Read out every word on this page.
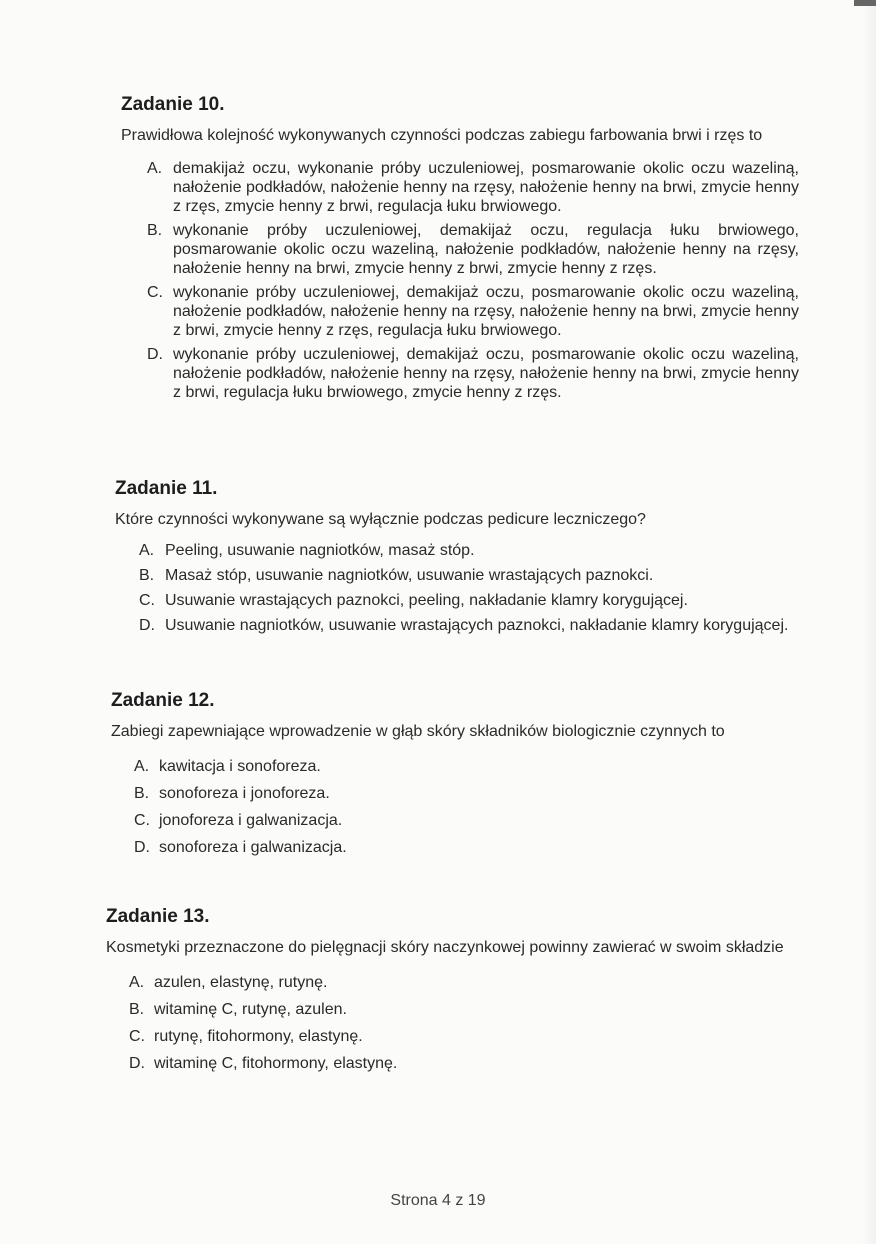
Zadanie 10.

Prawidłowa kolejność wykonywanych czynności podczas zabiegu farbowania brwi i rzęs to

A. demakijaż oczu, wykonanie próby uczuleniowej, posmarowanie okolic oczu wazeliną, nałożenie podkładów, nałożenie henny na rzęsy, nałożenie henny na brwi, zmycie henny z rzęs, zmycie henny z brwi, regulacja łuku brwiowego.
B. wykonanie próby uczuleniowej, demakijaż oczu, regulacja łuku brwiowego, posmarowanie okolic oczu wazeliną, nałożenie podkładów, nałożenie henny na rzęsy, nałożenie henny na brwi, zmycie henny z brwi, zmycie henny z rzęs.
C. wykonanie próby uczuleniowej, demakijaż oczu, posmarowanie okolic oczu wazeliną, nałożenie podkładów, nałożenie henny na rzęsy, nałożenie henny na brwi, zmycie henny z brwi, zmycie henny z rzęs, regulacja łuku brwiowego.
D. wykonanie próby uczuleniowej, demakijaż oczu, posmarowanie okolic oczu wazeliną, nałożenie podkładów, nałożenie henny na rzęsy, nałożenie henny na brwi, zmycie henny z brwi, regulacja łuku brwiowego, zmycie henny z rzęs.
Zadanie 11.

Które czynności wykonywane są wyłącznie podczas pedicure leczniczego?

A. Peeling, usuwanie nagniotków, masaż stóp.
B. Masaż stóp, usuwanie nagniotków, usuwanie wrastających paznokci.
C. Usuwanie wrastających paznokci, peeling, nakładanie klamry korygującej.
D. Usuwanie nagniotków, usuwanie wrastających paznokci, nakładanie klamry korygującej.
Zadanie 12.

Zabiegi zapewniające wprowadzenie w głąb skóry składników biologicznie czynnych to

A. kawitacja i sonoforeza.
B. sonoforeza i jonoforeza.
C. jonoforeza i galwanizacja.
D. sonoforeza i galwanizacja.
Zadanie 13.

Kosmetyki przeznaczone do pielęgnacji skóry naczynkowej powinny zawierać w swoim składzie

A. azulen, elastynę, rutynę.
B. witaminę C, rutynę, azulen.
C. rutynę, fitohormony, elastynę.
D. witaminę C, fitohormony, elastynę.
Strona 4 z 19
